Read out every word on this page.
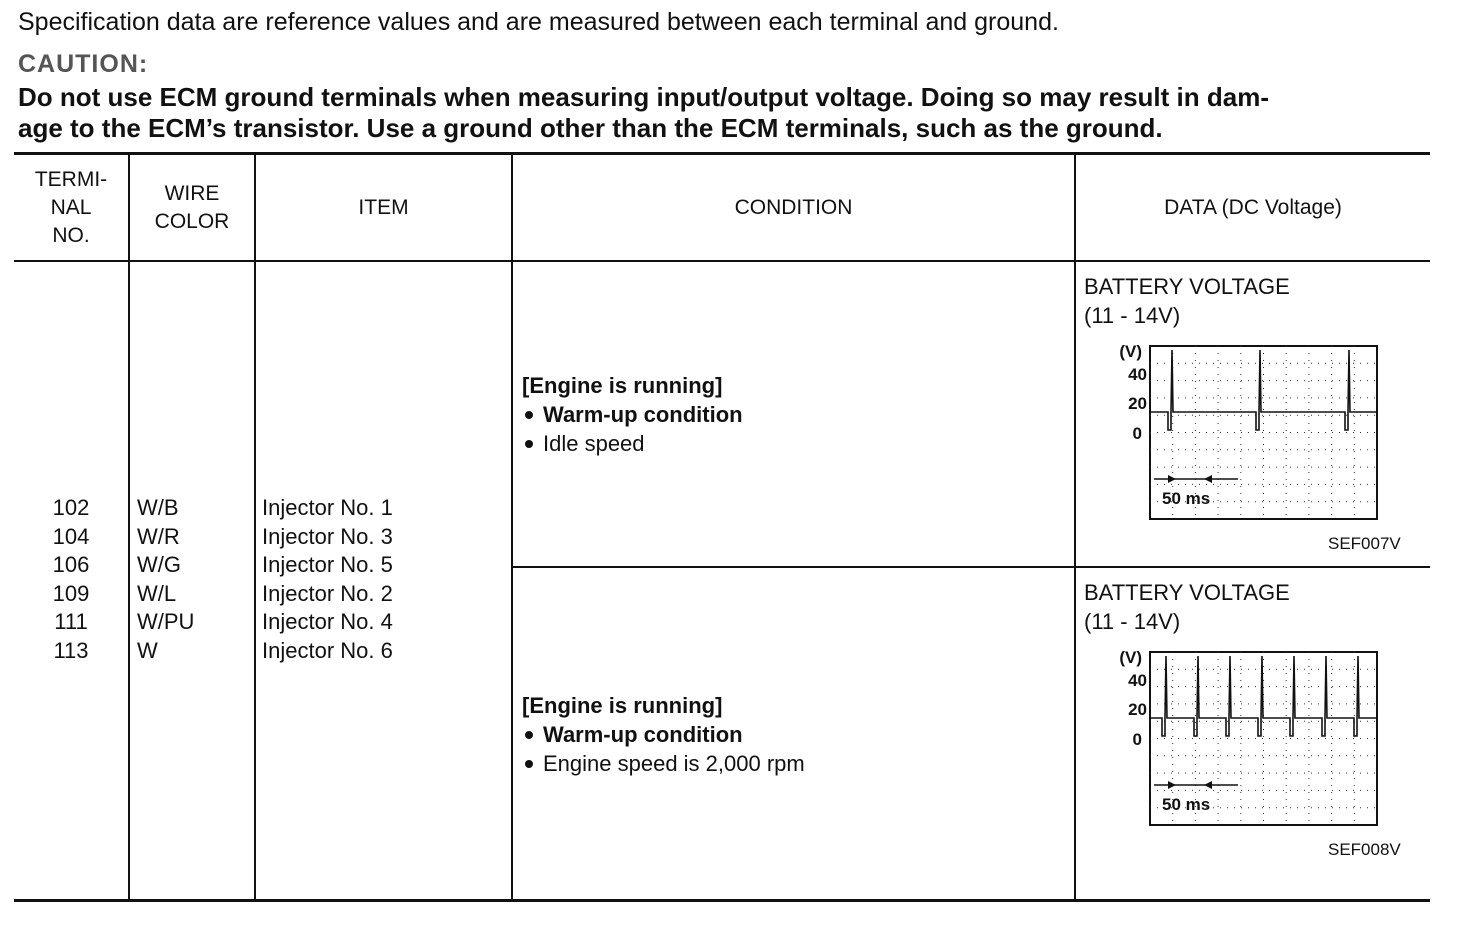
Specification data are reference values and are measured between each terminal and ground.
CAUTION:
Do not use ECM ground terminals when measuring input/output voltage. Doing so may result in dam-
age to the ECM’s transistor. Use a ground other than the ECM terminals, such as the ground.
TERMI-
NAL
NO.
WIRE
COLOR
ITEM	CONDITION	DATA (DC Voltage)
102
104
106
109
111
113
W/B
W/R
W/G
W/L
W/PU
W
Injector No. 1
Injector No. 3
Injector No. 5
Injector No. 2
Injector No. 4
Injector No. 6
[Engine is running]
Warm-up condition
Idle speed
[Engine is running]
Warm-up condition
Engine speed is 2,000 rpm
BATTERY VOLTAGE
(11 - 14V)
(V)
40
20
0
50 ms
SEF007V
BATTERY VOLTAGE
(11 - 14V)
(V)
40
20
0
50 ms
SEF008V
